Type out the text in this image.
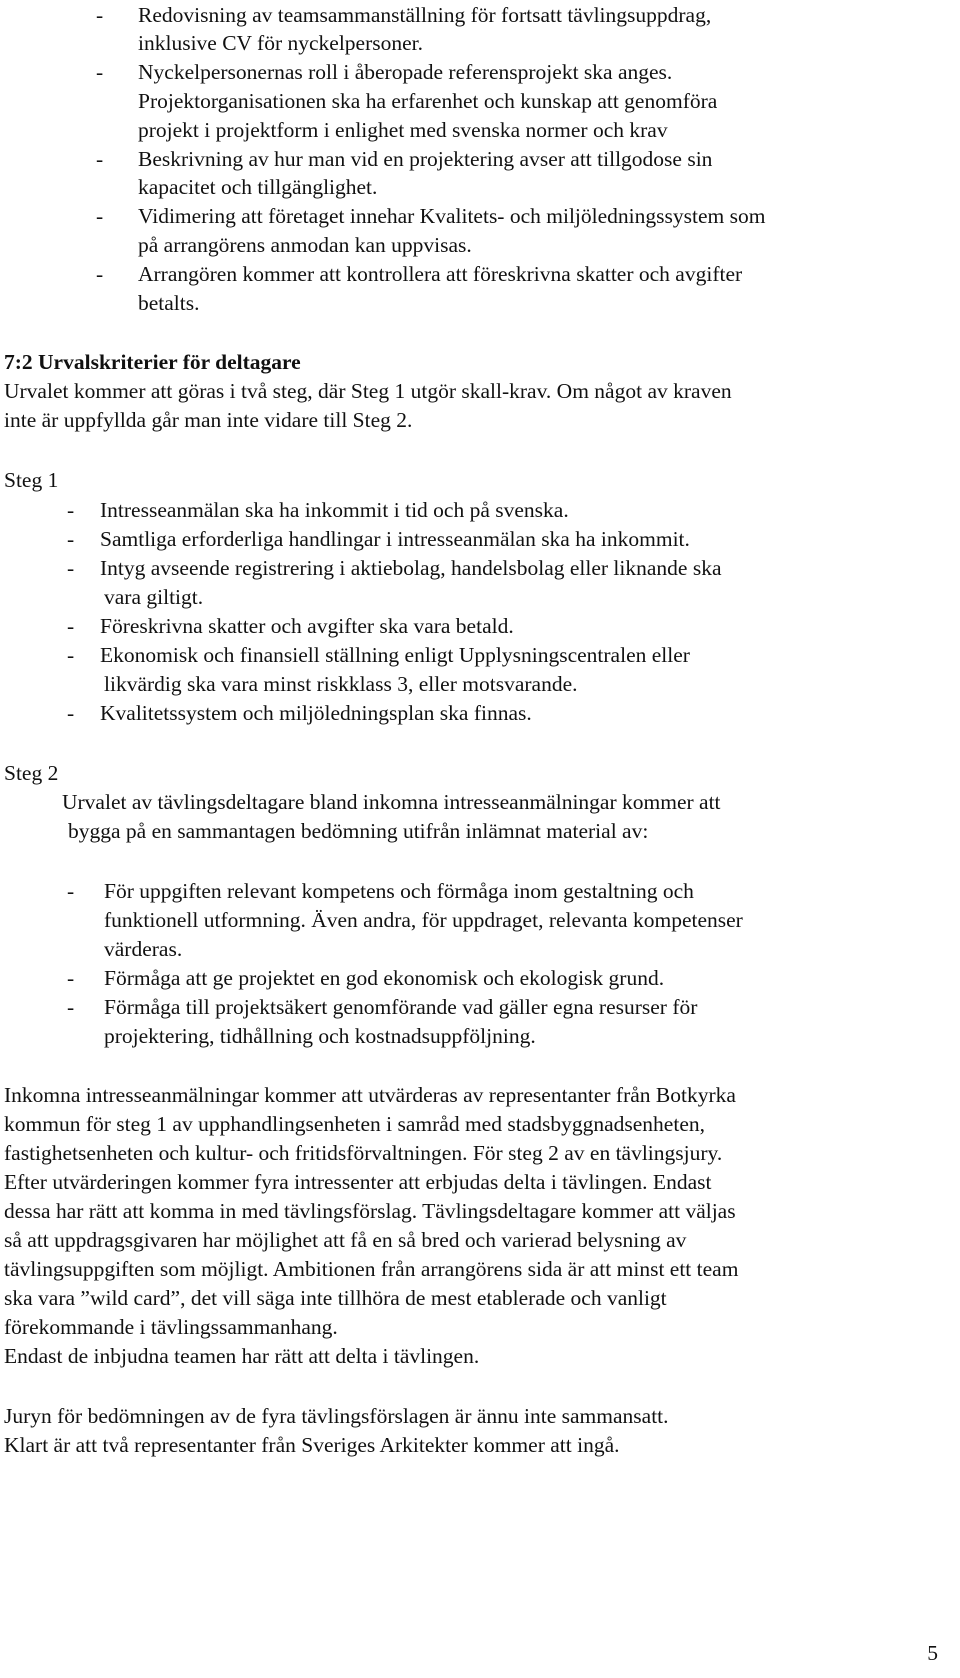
- Redovisning av teamsammanställning för fortsatt tävlingsuppdrag,
inklusive CV för nyckelpersoner.
- Nyckelpersonernas roll i åberopade referensprojekt ska anges.
Projektorganisationen ska ha erfarenhet och kunskap att genomföra
projekt i projektform i enlighet med svenska normer och krav
- Beskrivning av hur man vid en projektering avser att tillgodose sin
kapacitet och tillgänglighet.
- Vidimering att företaget innehar Kvalitets- och miljöledningssystem som
på arrangörens anmodan kan uppvisas.
- Arrangören kommer att kontrollera att föreskrivna skatter och avgifter
betalts.
7:2 Urvalskriterier för deltagare
Urvalet kommer att göras i två steg, där Steg 1 utgör skall-krav. Om något av kraven
inte är uppfyllda går man inte vidare till Steg 2.
Steg 1
- Intresseanmälan ska ha inkommit i tid och på svenska.
- Samtliga erforderliga handlingar i intresseanmälan ska ha inkommit.
- Intyg avseende registrering i aktiebolag, handelsbolag eller liknande ska
vara giltigt.
- Föreskrivna skatter och avgifter ska vara betald.
- Ekonomisk och finansiell ställning enligt Upplysningscentralen eller
likvärdig ska vara minst riskklass 3, eller motsvarande.
- Kvalitetssystem och miljöledningsplan ska finnas.
Steg 2
Urvalet av tävlingsdeltagare bland inkomna intresseanmälningar kommer att
bygga på en sammantagen bedömning utifrån inlämnat material av:
- För uppgiften relevant kompetens och förmåga inom gestaltning och
funktionell utformning. Även andra, för uppdraget, relevanta kompetenser
värderas.
- Förmåga att ge projektet en god ekonomisk och ekologisk grund.
- Förmåga till projektsäkert genomförande vad gäller egna resurser för
projektering, tidhållning och kostnadsuppföljning.
Inkomna intresseanmälningar kommer att utvärderas av representanter från Botkyrka
kommun för steg 1 av upphandlingsenheten i samråd med stadsbyggnadsenheten,
fastighetsenheten och kultur- och fritidsförvaltningen. För steg 2 av en tävlingsjury.
Efter utvärderingen kommer fyra intressenter att erbjudas delta i tävlingen. Endast
dessa har rätt att komma in med tävlingsförslag. Tävlingsdeltagare kommer att väljas
så att uppdragsgivaren har möjlighet att få en så bred och varierad belysning av
tävlingsuppgiften som möjligt. Ambitionen från arrangörens sida är att minst ett team
ska vara ”wild card”, det vill säga inte tillhöra de mest etablerade och vanligt
förekommande i tävlingssammanhang.
Endast de inbjudna teamen har rätt att delta i tävlingen.
Juryn för bedömningen av de fyra tävlingsförslagen är ännu inte sammansatt.
Klart är att två representanter från Sveriges Arkitekter kommer att ingå.
5
